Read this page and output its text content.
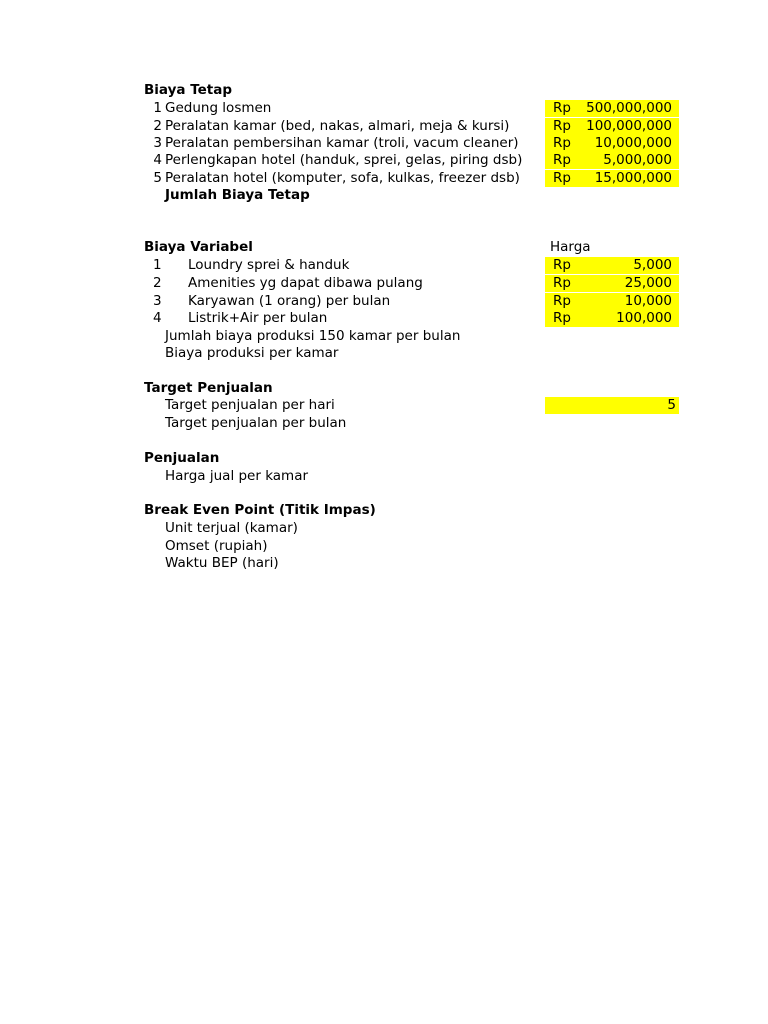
Biaya Tetap
1 Gedung losmen	Rp 500,000,000
2 Peralatan kamar (bed, nakas, almari, meja & kursi)	Rp 100,000,000
3 Peralatan pembersihan kamar (troli, vacum cleaner)	Rp 10,000,000
4 Perlengkapan hotel (handuk, sprei, gelas, piring dsb) Rp 5,000,000
5 Peralatan hotel (komputer, sofa, kulkas, freezer dsb) Rp 15,000,000
Jumlah Biaya Tetap
Biaya Variabel	Harga
1 Loundry sprei & handuk	Rp	5,000
2 Amenities yg dapat dibawa pulang	Rp	25,000
3 Karyawan (1 orang) per bulan	Rp	10,000
4 Listrik+Air per bulan	Rp	100,000
Jumlah biaya produksi 150 kamar per bulan
Biaya produksi per kamar
Target Penjualan
Target penjualan per hari	5
Target penjualan per bulan
Penjualan
Harga jual per kamar
Break Even Point (Titik Impas)
Unit terjual (kamar)
Omset (rupiah)
Waktu BEP (hari)
